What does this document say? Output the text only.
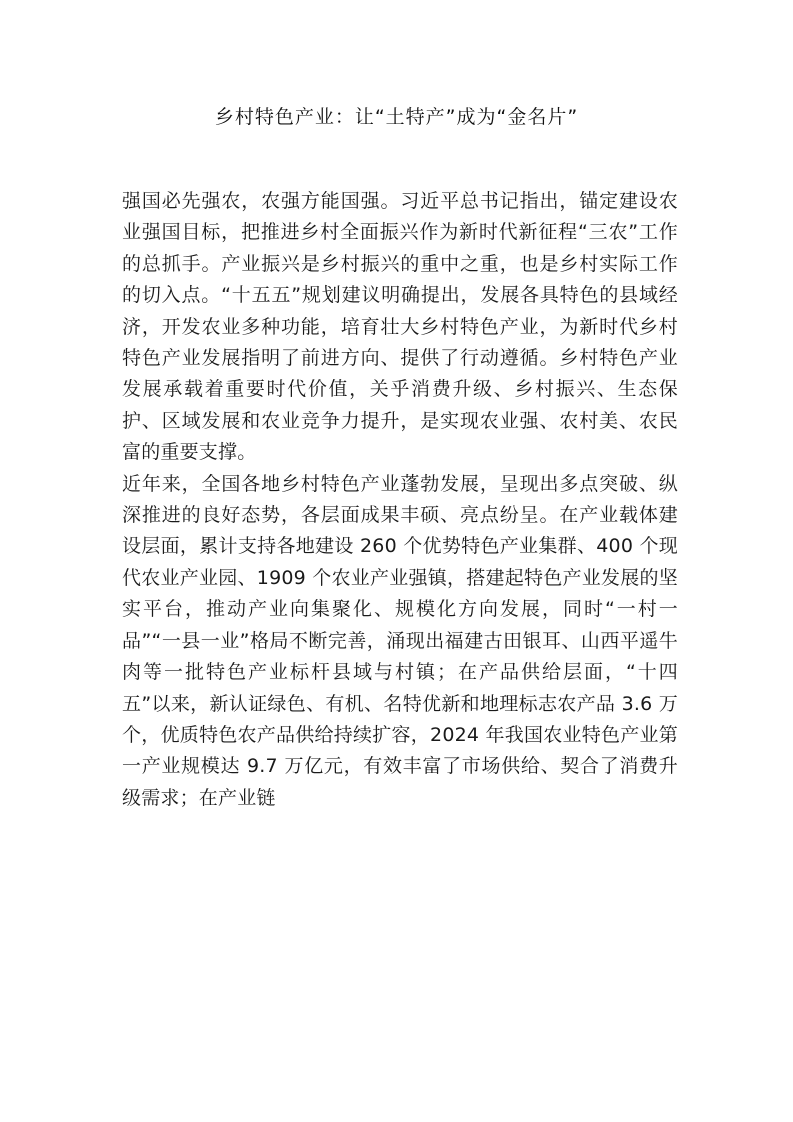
乡村特色产业：让“土特产”成为“金名片”

强国必先强农，农强方能国强。习近平总书记指出，锚定建设农业强国目标，把推进乡村全面振兴作为新时代新征程“三农”工作的总抓手。产业振兴是乡村振兴的重中之重，也是乡村实际工作的切入点。“十五五”规划建议明确提出，发展各具特色的县域经济，开发农业多种功能，培育壮大乡村特色产业，为新时代乡村特色产业发展指明了前进方向、提供了行动遵循。乡村特色产业发展承载着重要时代价值，关乎消费升级、乡村振兴、生态保护、区域发展和农业竞争力提升，是实现农业强、农村美、农民富的重要支撑。

近年来，全国各地乡村特色产业蓬勃发展，呈现出多点突破、纵深推进的良好态势，各层面成果丰硕、亮点纷呈。在产业载体建设层面，累计支持各地建设 260 个优势特色产业集群、400 个现代农业产业园、1909 个农业产业强镇，搭建起特色产业发展的坚实平台，推动产业向集聚化、规模化方向发展，同时“一村一品”“一县一业”格局不断完善，涌现出福建古田银耳、山西平遥牛肉等一批特色产业标杆县域与村镇；在产品供给层面，“十四五”以来，新认证绿色、有机、名特优新和地理标志农产品 3.6 万个，优质特色农产品供给持续扩容，2024 年我国农业特色产业第一产业规模达 9.7 万亿元，有效丰富了市场供给、契合了消费升级需求；在产业链
